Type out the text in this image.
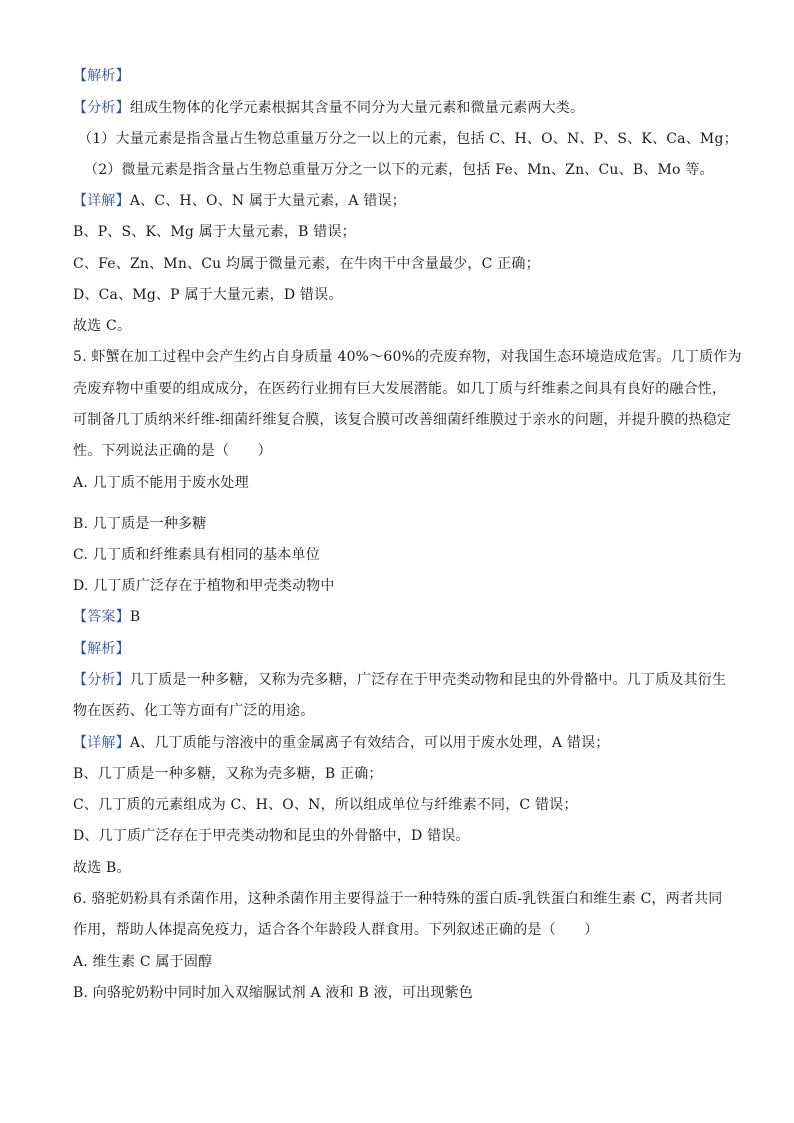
【解析】
【分析】组成生物体的化学元素根据其含量不同分为大量元素和微量元素两大类。
（1）大量元素是指含量占生物总重量万分之一以上的元素，包括 C、H、O、N、P、S、K、Ca、Mg；
（2）微量元素是指含量占生物总重量万分之一以下的元素，包括 Fe、Mn、Zn、Cu、B、Mo 等。
【详解】A、C、H、O、N 属于大量元素，A 错误；
B、P、S、K、Mg 属于大量元素，B 错误；
C、Fe、Zn、Mn、Cu 均属于微量元素，在牛肉干中含量最少，C 正确；
D、Ca、Mg、P 属于大量元素，D 错误。
故选 C。
5. 虾蟹在加工过程中会产生约占自身质量 40%～60%的壳废弃物，对我国生态环境造成危害。几丁质作为
壳废弃物中重要的组成成分，在医药行业拥有巨大发展潜能。如几丁质与纤维素之间具有良好的融合性，
可制备几丁质纳米纤维-细菌纤维复合膜，该复合膜可改善细菌纤维膜过于亲水的问题，并提升膜的热稳定
性。下列说法正确的是（　　）
A. 几丁质不能用于废水处理
B. 几丁质是一种多糖
C. 几丁质和纤维素具有相同的基本单位
D. 几丁质广泛存在于植物和甲壳类动物中
【答案】B
【解析】
【分析】几丁质是一种多糖，又称为壳多糖，广泛存在于甲壳类动物和昆虫的外骨骼中。几丁质及其衍生
物在医药、化工等方面有广泛的用途。
【详解】A、几丁质能与溶液中的重金属离子有效结合，可以用于废水处理，A 错误；
B、几丁质是一种多糖，又称为壳多糖，B 正确；
C、几丁质的元素组成为 C、H、O、N，所以组成单位与纤维素不同，C 错误；
D、几丁质广泛存在于甲壳类动物和昆虫的外骨骼中，D 错误。
故选 B。
6. 骆驼奶粉具有杀菌作用，这种杀菌作用主要得益于一种特殊的蛋白质-乳铁蛋白和维生素 C，两者共同
作用，帮助人体提高免疫力，适合各个年龄段人群食用。下列叙述正确的是（　　）
A. 维生素 C 属于固醇
B. 向骆驼奶粉中同时加入双缩脲试剂 A 液和 B 液，可出现紫色
